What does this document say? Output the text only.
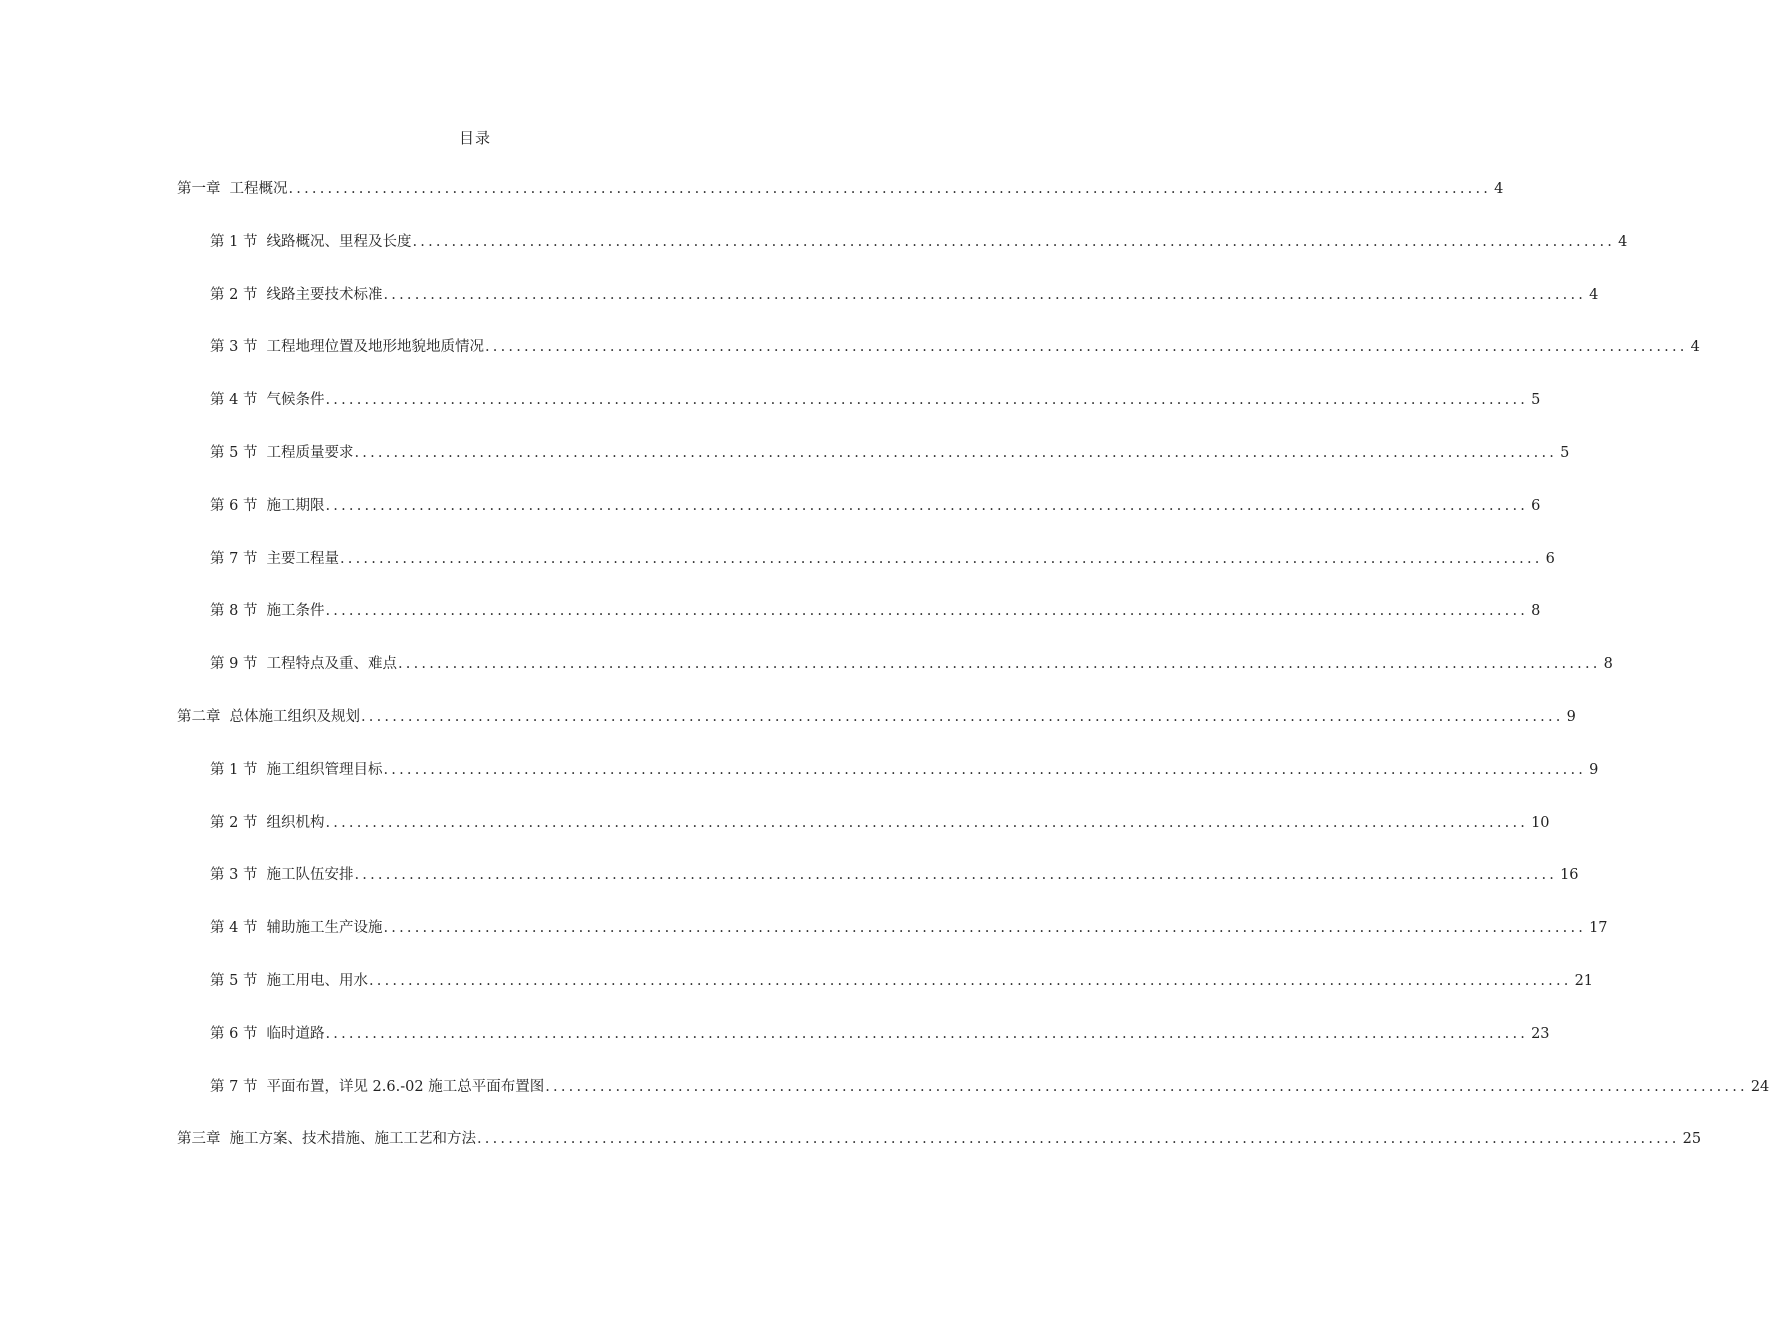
目录
第一章 工程概况 .......................................................................................................................................................... 4
第 1 节 线路概况、里程及长度 .......................................................................................................................................................... 4
第 2 节 线路主要技术标准 .......................................................................................................................................................... 4
第 3 节 工程地理位置及地形地貌地质情况 .......................................................................................................................................................... 4
第 4 节 气候条件 .......................................................................................................................................................... 5
第 5 节 工程质量要求 .......................................................................................................................................................... 5
第 6 节 施工期限 .......................................................................................................................................................... 6
第 7 节 主要工程量 .......................................................................................................................................................... 6
第 8 节 施工条件 .......................................................................................................................................................... 8
第 9 节 工程特点及重、难点 .......................................................................................................................................................... 8
第二章 总体施工组织及规划 .......................................................................................................................................................... 9
第 1 节 施工组织管理目标 .......................................................................................................................................................... 9
第 2 节 组织机构 .......................................................................................................................................................... 10
第 3 节 施工队伍安排 .......................................................................................................................................................... 16
第 4 节 辅助施工生产设施 .......................................................................................................................................................... 17
第 5 节 施工用电、用水 .......................................................................................................................................................... 21
第 6 节 临时道路 .......................................................................................................................................................... 23
第 7 节 平面布置，详见 2.6.-02 施工总平面布置图 .......................................................................................................................................................... 24
第三章 施工方案、技术措施、施工工艺和方法 .......................................................................................................................................................... 25
